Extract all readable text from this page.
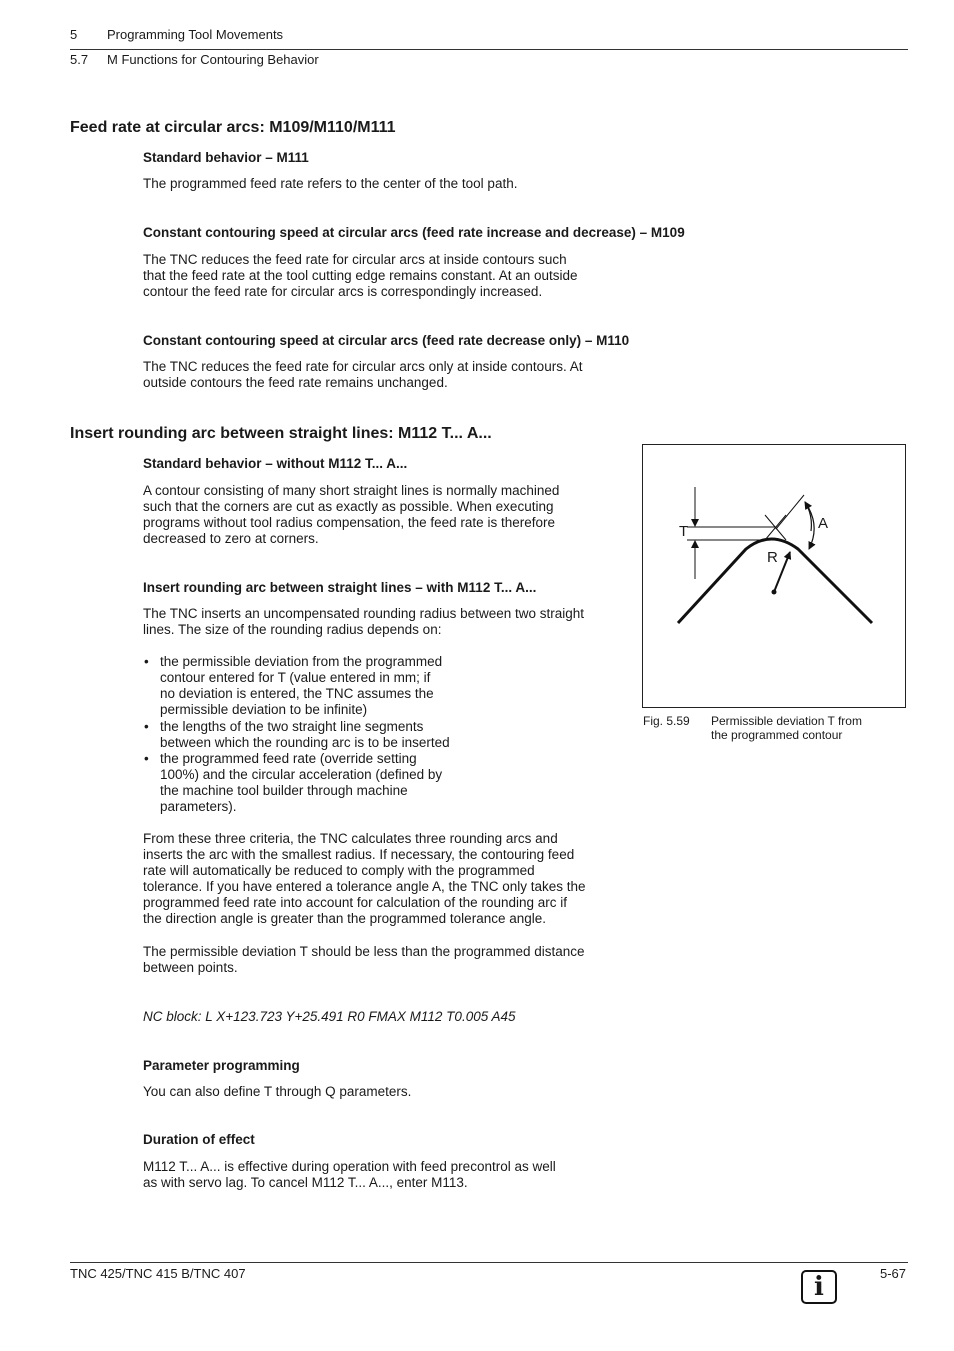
5 Programming Tool Movements
5.7 M Functions for Contouring Behavior
Feed rate at circular arcs: M109/M110/M111
Standard behavior – M111
The programmed feed rate refers to the center of the tool path.
Constant contouring speed at circular arcs (feed rate increase and decrease) – M109
The TNC reduces the feed rate for circular arcs at inside contours such
that the feed rate at the tool cutting edge remains constant. At an outside
contour the feed rate for circular arcs is correspondingly increased.
Constant contouring speed at circular arcs (feed rate decrease only) – M110
The TNC reduces the feed rate for circular arcs only at inside contours. At
outside contours the feed rate remains unchanged.
Insert rounding arc between straight lines: M112 T... A...
Standard behavior – without M112 T... A...
A contour consisting of many short straight lines is normally machined
such that the corners are cut as exactly as possible. When executing
programs without tool radius compensation, the feed rate is therefore
decreased to zero at corners.
Insert rounding arc between straight lines – with M112 T... A...
The TNC inserts an uncompensated rounding radius between two straight
lines. The size of the rounding radius depends on:
• the permissible deviation from the programmed
contour entered for T (value entered in mm; if
no deviation is entered, the TNC assumes the
permissible deviation to be infinite)
• the lengths of the two straight line segments
between which the rounding arc is to be inserted
• the programmed feed rate (override setting
100%) and the circular acceleration (defined by
the machine tool builder through machine
parameters).
From these three criteria, the TNC calculates three rounding arcs and
inserts the arc with the smallest radius. If necessary, the contouring feed
rate will automatically be reduced to comply with the programmed
tolerance. If you have entered a tolerance angle A, the TNC only takes the
programmed feed rate into account for calculation of the rounding arc if
the direction angle is greater than the programmed tolerance angle.
The permissible deviation T should be less than the programmed distance
between points.
NC block: L X+123.723 Y+25.491 R0 FMAX M112 T0.005 A45
Parameter programming
You can also define T through Q parameters.
Duration of effect
M112 T... A... is effective during operation with feed precontrol as well
as with servo lag. To cancel M112 T... A..., enter M113.
T	A
R
Fig. 5.59 Permissible deviation T from
the programmed contour
TNC 425/TNC 415 B/TNC 407	5-67
i
